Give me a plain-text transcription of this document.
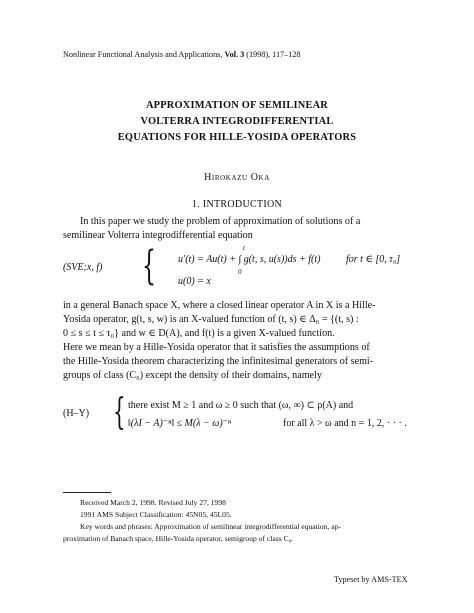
Nonlinear Functional Analysis and Applications, Vol. 3 (1998), 117–128
APPROXIMATION OF SEMILINEAR
VOLTERRA INTEGRODIFFERENTIAL
EQUATIONS FOR HILLE-YOSIDA OPERATORS
Hirokazu Oka
1. INTRODUCTION
In this paper we study the problem of approximation of solutions of a
semilinear Volterra integrodifferential equation
(SVE;x, f) { u′(t) = Au(t) + ∫ g(t, s, u(s))ds + f(t)
t
0
for t ∈ [0, τ₀]
u(0) = x
in a general Banach space X, where a closed linear operator A in X is a Hille-
Yosida operator, g(t, s, w) is an X-valued function of (t, s) ∈ Δ₀ = {(t, s) :
0 ≤ s ≤ t ≤ τ₀} and w ∈ D(A), and f(t) is a given X-valued function.
Here we mean by a Hille-Yosida operator that it satisfies the assumptions of
the Hille-Yosida theorem characterizing the infinitesimal generators of semi-
groups of class (C₀) except the density of their domains, namely
(H–Y) { there exist M ≥ 1 and ω ≥ 0 such that (ω, ∞) ⊂ ρ(A) and
‖(λI − A)⁻ⁿ‖ ≤ M(λ − ω)⁻ⁿ	for all λ > ω and n = 1, 2, · · · .
Received March 2, 1998. Revised July 27, 1998
1991 AMS Subject Classification: 45N05, 45L05.
Key words and phrases: Approximation of semilinear integrodifferential equation, ap-
proximation of Banach space, Hille-Yosida operator, semigroup of class C₀.
Typeset by AMS-TEX
